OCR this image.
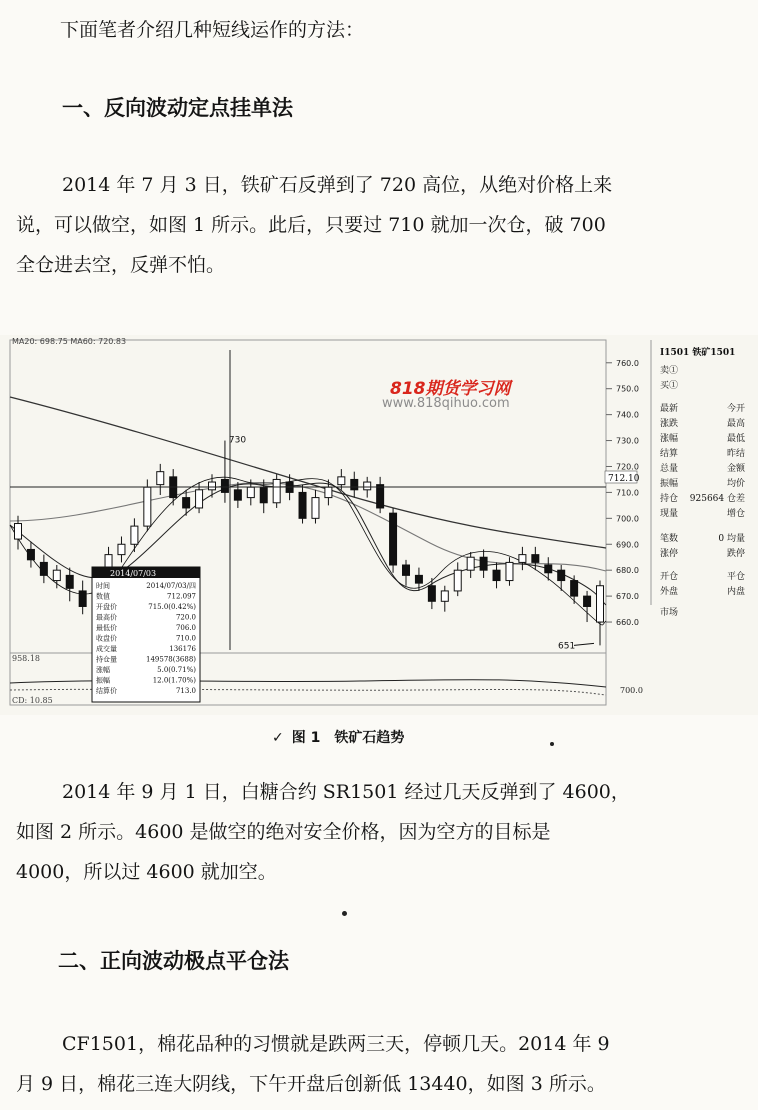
下面笔者介绍几种短线运作的方法：

一、反向波动定点挂单法

2014 年 7 月 3 日，铁矿石反弹到了 720 高位，从绝对价格上来
说，可以做空，如图 1 所示。此后，只要过 710 就加一次仓，破 700
全仓进去空，反弹不怕。

760.0
750.0
740.0
730.0
720.0
710.0
700.0
690.0
680.0
670.0
660.0
712.10
MA20: 698.75 MA60: 720.83
730
651
958.18
CD: 10.85
700.0
2014/07/03
时间	2014/07/03/四
数值	712.097
开盘价	715.0(0.42%)
最高价	720.0
最低价	706.0
收盘价	710.0
成交量	136176
持仓量	149578(3688)
涨幅	5.0(0.71%)
振幅	12.0(1.70%)
结算价	713.0
I1501 铁矿1501
卖①
买①
最新	今开
涨跌	最高
涨幅	最低
结算	昨结
总量	金额
振幅	均价
持仓 925664 仓差
现量	增仓
笔数	0 均量
涨停	跌停
开仓	平仓
外盘	内盘
市场
818期货学习网
www.818qihuo.com
✓ 图 1 铁矿石趋势

2014 年 9 月 1 日，白糖合约 SR1501 经过几天反弹到了 4600，
如图 2 所示。4600 是做空的绝对安全价格，因为空方的目标是
4000，所以过 4600 就加空。

二、正向波动极点平仓法

CF1501，棉花品种的习惯就是跌两三天，停顿几天。2014 年 9
月 9 日，棉花三连大阴线，下午开盘后创新低 13440，如图 3 所示。
